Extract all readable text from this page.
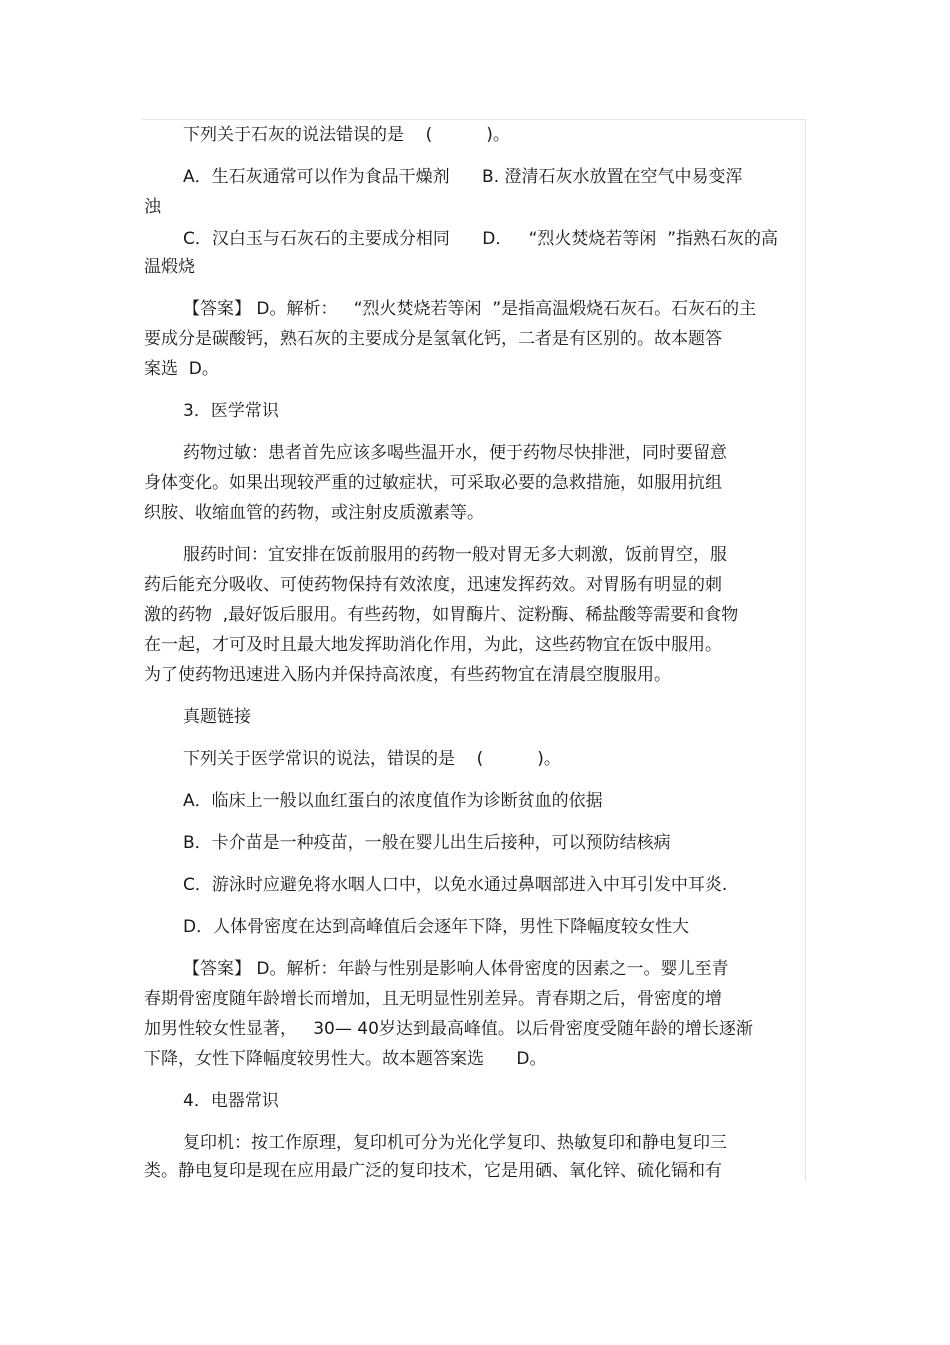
下列关于石灰的说法错误的是    (          )。

A．生石灰通常可以作为食品干燥剂      B. 澄清石灰水放置在空气中易变浑

浊

C．汉白玉与石灰石的主要成分相同      D．   “烈火焚烧若等闲  ”指熟石灰的高

温煅烧

【答案】 D。解析：   “烈火焚烧若等闲  ”是指高温煅烧石灰石。石灰石的主

要成分是碳酸钙，熟石灰的主要成分是氢氧化钙，二者是有区别的。故本题答

案选  D。

3．医学常识

药物过敏：患者首先应该多喝些温开水，便于药物尽快排泄，同时要留意

身体变化。如果出现较严重的过敏症状，可采取必要的急救措施，如服用抗组

织胺、收缩血管的药物，或注射皮质激素等。

服药时间：宜安排在饭前服用的药物一般对胃无多大刺激，饭前胃空，服

药后能充分吸收、可使药物保持有效浓度，迅速发挥药效。对胃肠有明显的刺

激的药物  ,最好饭后服用。有些药物，如胃酶片、淀粉酶、稀盐酸等需要和食物

在一起，才可及时且最大地发挥助消化作用，为此，这些药物宜在饭中服用。

为了使药物迅速进入肠内并保持高浓度，有些药物宜在清晨空腹服用。

真题链接

下列关于医学常识的说法，错误的是    (          )。

A．临床上一般以血红蛋白的浓度值作为诊断贫血的依据

B．卡介苗是一种疫苗，一般在婴儿出生后接种，可以预防结核病

C．游泳时应避免将水咽人口中，以免水通过鼻咽部进入中耳引发中耳炎.

D．人体骨密度在达到高峰值后会逐年下降，男性下降幅度较女性大

【答案】 D。解析：年龄与性别是影响人体骨密度的因素之一。婴儿至青

春期骨密度随年龄增长而增加，且无明显性别差异。青春期之后，骨密度的增

加男性较女性显著，   30— 40岁达到最高峰值。以后骨密度受随年龄的增长逐渐

下降，女性下降幅度较男性大。故本题答案选      D。

4．电器常识

复印机：按工作原理，复印机可分为光化学复印、热敏复印和静电复印三

类。静电复印是现在应用最广泛的复印技术，它是用硒、氧化锌、硫化镉和有
